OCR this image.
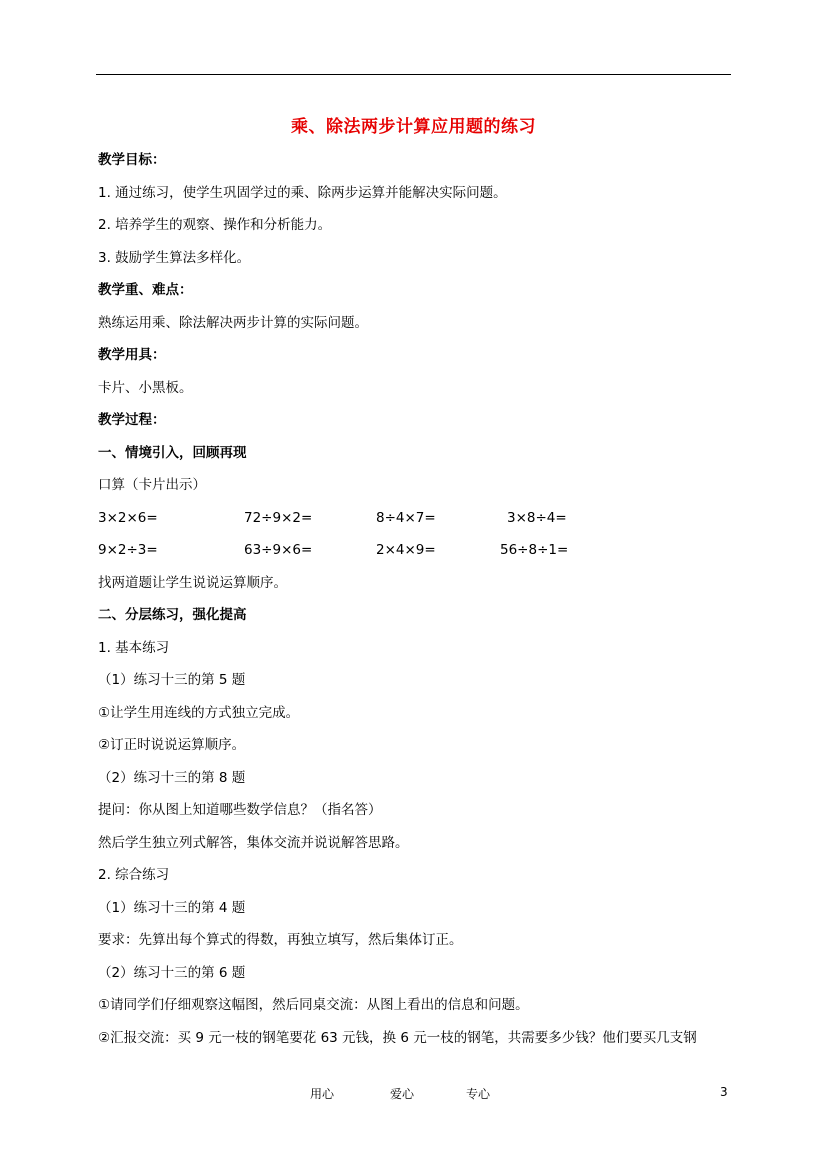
乘、除法两步计算应用题的练习
教学目标：
1. 通过练习，使学生巩固学过的乘、除两步运算并能解决实际问题。
2. 培养学生的观察、操作和分析能力。
3. 鼓励学生算法多样化。
教学重、难点：
熟练运用乘、除法解决两步计算的实际问题。
教学用具：
卡片、小黑板。
教学过程：
一、情境引入，回顾再现
口算（卡片出示）
3×2×6=	72÷9×2=	8÷4×7=	3×8÷4=
9×2÷3=	63÷9×6=	2×4×9=	56÷8÷1=
找两道题让学生说说运算顺序。
二、分层练习，强化提高
1. 基本练习
（1）练习十三的第 5 题
①让学生用连线的方式独立完成。
②订正时说说运算顺序。
（2）练习十三的第 8 题
提问：你从图上知道哪些数学信息？（指名答）
然后学生独立列式解答，集体交流并说说解答思路。
2. 综合练习
（1）练习十三的第 4 题
要求：先算出每个算式的得数，再独立填写，然后集体订正。
（2）练习十三的第 6 题
①请同学们仔细观察这幅图，然后同桌交流：从图上看出的信息和问题。
②汇报交流：买 9 元一枝的钢笔要花 63 元钱，换 6 元一枝的钢笔，共需要多少钱？他们要买几支钢
用心	爱心	专心	3
